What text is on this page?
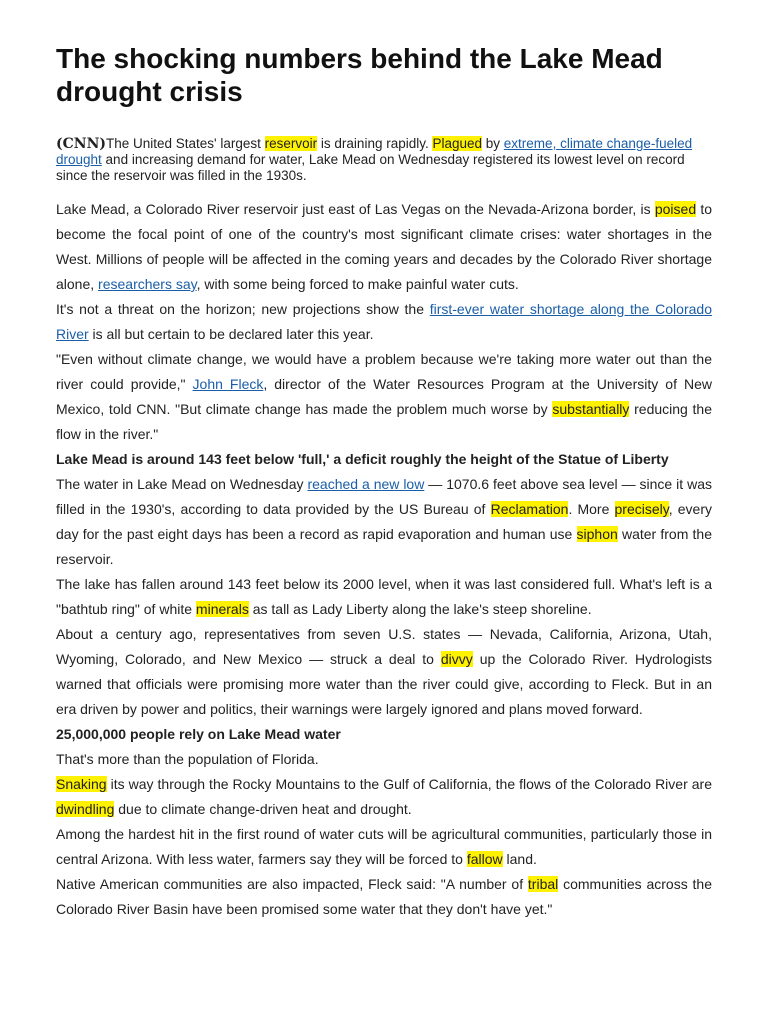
The shocking numbers behind the Lake Mead drought crisis

(CNN)The United States' largest reservoir is draining rapidly. Plagued by extreme, climate change-fueled drought and increasing demand for water, Lake Mead on Wednesday registered its lowest level on record since the reservoir was filled in the 1930s.

Lake Mead, a Colorado River reservoir just east of Las Vegas on the Nevada-Arizona border, is poised to become the focal point of one of the country's most significant climate crises: water shortages in the West. Millions of people will be affected in the coming years and decades by the Colorado River shortage alone, researchers say, with some being forced to make painful water cuts.

It's not a threat on the horizon; new projections show the first-ever water shortage along the Colorado River is all but certain to be declared later this year.

"Even without climate change, we would have a problem because we're taking more water out than the river could provide," John Fleck, director of the Water Resources Program at the University of New Mexico, told CNN. "But climate change has made the problem much worse by substantially reducing the flow in the river."

Lake Mead is around 143 feet below 'full,' a deficit roughly the height of the Statue of Liberty

The water in Lake Mead on Wednesday reached a new low — 1070.6 feet above sea level — since it was filled in the 1930's, according to data provided by the US Bureau of Reclamation. More precisely, every day for the past eight days has been a record as rapid evaporation and human use siphon water from the reservoir.

The lake has fallen around 143 feet below its 2000 level, when it was last considered full. What's left is a "bathtub ring" of white minerals as tall as Lady Liberty along the lake's steep shoreline.

About a century ago, representatives from seven U.S. states — Nevada, California, Arizona, Utah, Wyoming, Colorado, and New Mexico — struck a deal to divvy up the Colorado River. Hydrologists warned that officials were promising more water than the river could give, according to Fleck. But in an era driven by power and politics, their warnings were largely ignored and plans moved forward.

25,000,000 people rely on Lake Mead water

That's more than the population of Florida.

Snaking its way through the Rocky Mountains to the Gulf of California, the flows of the Colorado River are dwindling due to climate change-driven heat and drought.

Among the hardest hit in the first round of water cuts will be agricultural communities, particularly those in central Arizona. With less water, farmers say they will be forced to fallow land.

Native American communities are also impacted, Fleck said: "A number of tribal communities across the Colorado River Basin have been promised some water that they don't have yet."
